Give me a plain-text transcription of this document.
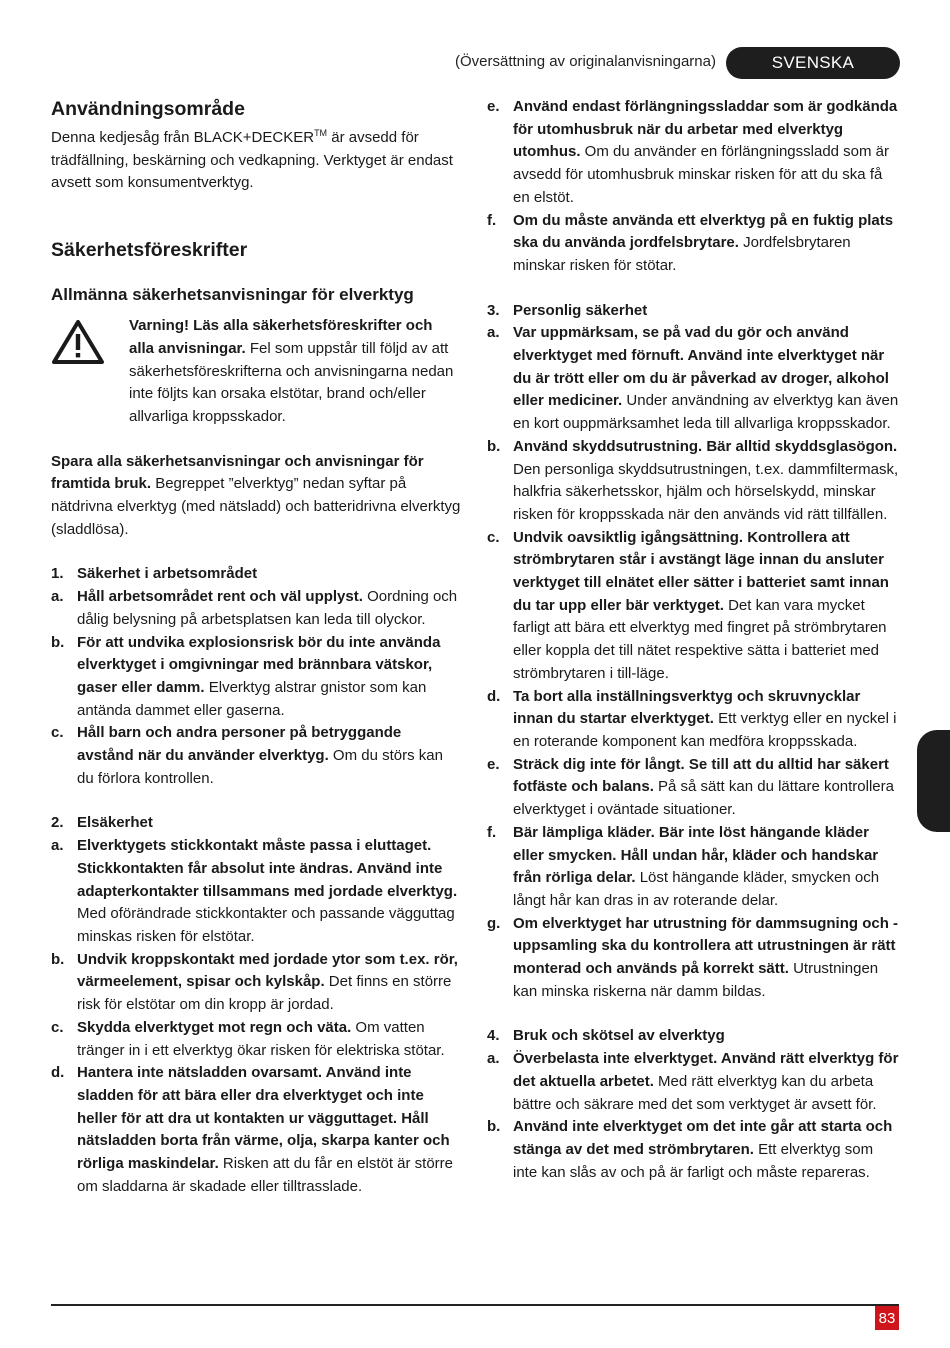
(Översättning av originalanvisningarna)	SVENSKA
Användningsområde

Denna kedjesåg från BLACK+DECKER™ är avsedd för trädfällning, beskärning och vedkapning. Verktyget är endast avsett som konsumentverktyg.

Säkerhetsföreskrifter
Allmänna säkerhetsanvisningar för elverktyg
Varning! Läs alla säkerhetsföreskrifter och alla anvisningar. Fel som uppstår till följd av att säkerhetsföreskrifterna och anvisningarna nedan inte följts kan orsaka elstötar, brand och/eller allvarliga kroppsskador.

Spara alla säkerhetsanvisningar och anvisningar för framtida bruk. Begreppet ”elverktyg” nedan syftar på nätdrivna elverktyg (med nätsladd) och batteridrivna elverktyg (sladdlösa).

1. Säkerhet i arbetsområdet
a. Håll arbetsområdet rent och väl upplyst. Oordning och dålig belysning på arbetsplatsen kan leda till olyckor.
b. För att undvika explosionsrisk bör du inte använda elverktyget i omgivningar med brännbara vätskor, gaser eller damm. Elverktyg alstrar gnistor som kan antända dammet eller gaserna.
c. Håll barn och andra personer på betryggande avstånd när du använder elverktyg. Om du störs kan du förlora kontrollen.
2. Elsäkerhet
a. Elverktygets stickkontakt måste passa i eluttaget. Stickkontakten får absolut inte ändras. Använd inte adapterkontakter tillsammans med jordade elverktyg. Med oförändrade stickkontakter och passande vägguttag minskas risken för elstötar.
b. Undvik kroppskontakt med jordade ytor som t.ex. rör, värmeelement, spisar och kylskåp. Det finns en större risk för elstötar om din kropp är jordad.
c. Skydda elverktyget mot regn och väta. Om vatten tränger in i ett elverktyg ökar risken för elektriska stötar.
d. Hantera inte nätsladden ovarsamt. Använd inte sladden för att bära eller dra elverktyget och inte heller för att dra ut kontakten ur vägguttaget. Håll nätsladden borta från värme, olja, skarpa kanter och rörliga maskindelar. Risken att du får en elstöt är större om sladdarna är skadade eller tilltrasslade.
e. Använd endast förlängningssladdar som är godkända för utomhusbruk när du arbetar med elverktyg utomhus. Om du använder en förlängningssladd som är avsedd för utomhusbruk minskar risken för att du ska få en elstöt.
f.	Om du måste använda ett elverktyg på en fuktig plats ska du använda jordfelsbrytare. Jordfelsbrytaren minskar risken för stötar.
3. Personlig säkerhet
a. Var uppmärksam, se på vad du gör och använd elverktyget med förnuft. Använd inte elverktyget när du är trött eller om du är påverkad av droger, alkohol eller mediciner. Under användning av elverktyg kan även en kort ouppmärksamhet leda till allvarliga kroppsskador.
b. Använd skyddsutrustning. Bär alltid skyddsglasögon. Den personliga skyddsutrustningen, t.ex. dammfiltermask, halkfria säkerhetsskor, hjälm och hörselskydd, minskar risken för kroppsskada när den används vid rätt tillfällen.
c. Undvik oavsiktlig igångsättning. Kontrollera att strömbrytaren står i avstängt läge innan du ansluter verktyget till elnätet eller sätter i batteriet samt innan du tar upp eller bär verktyget. Det kan vara mycket farligt att bära ett elverktyg med fingret på strömbrytaren eller koppla det till nätet respektive sätta i batteriet med strömbrytaren i till-läge.
d. Ta bort alla inställningsverktyg och skruvnycklar innan du startar elverktyget. Ett verktyg eller en nyckel i en roterande komponent kan medföra kroppsskada.
e. Sträck dig inte för långt. Se till att du alltid har säkert fotfäste och balans. På så sätt kan du lättare kontrollera elverktyget i oväntade situationer.
f.	Bär lämpliga kläder. Bär inte löst hängande kläder eller smycken. Håll undan hår, kläder och handskar från rörliga delar. Löst hängande kläder, smycken och långt hår kan dras in av roterande delar.
g. Om elverktyget har utrustning för dammsugning och -uppsamling ska du kontrollera att utrustningen är rätt monterad och används på korrekt sätt. Utrustningen kan minska riskerna när damm bildas.
4. Bruk och skötsel av elverktyg
a. Överbelasta inte elverktyget. Använd rätt elverktyg för det aktuella arbetet. Med rätt elverktyg kan du arbeta bättre och säkrare med det som verktyget är avsett för.
b. Använd inte elverktyget om det inte går att starta och stänga av det med strömbrytaren. Ett elverktyg som inte kan slås av och på är farligt och måste repareras.
83
